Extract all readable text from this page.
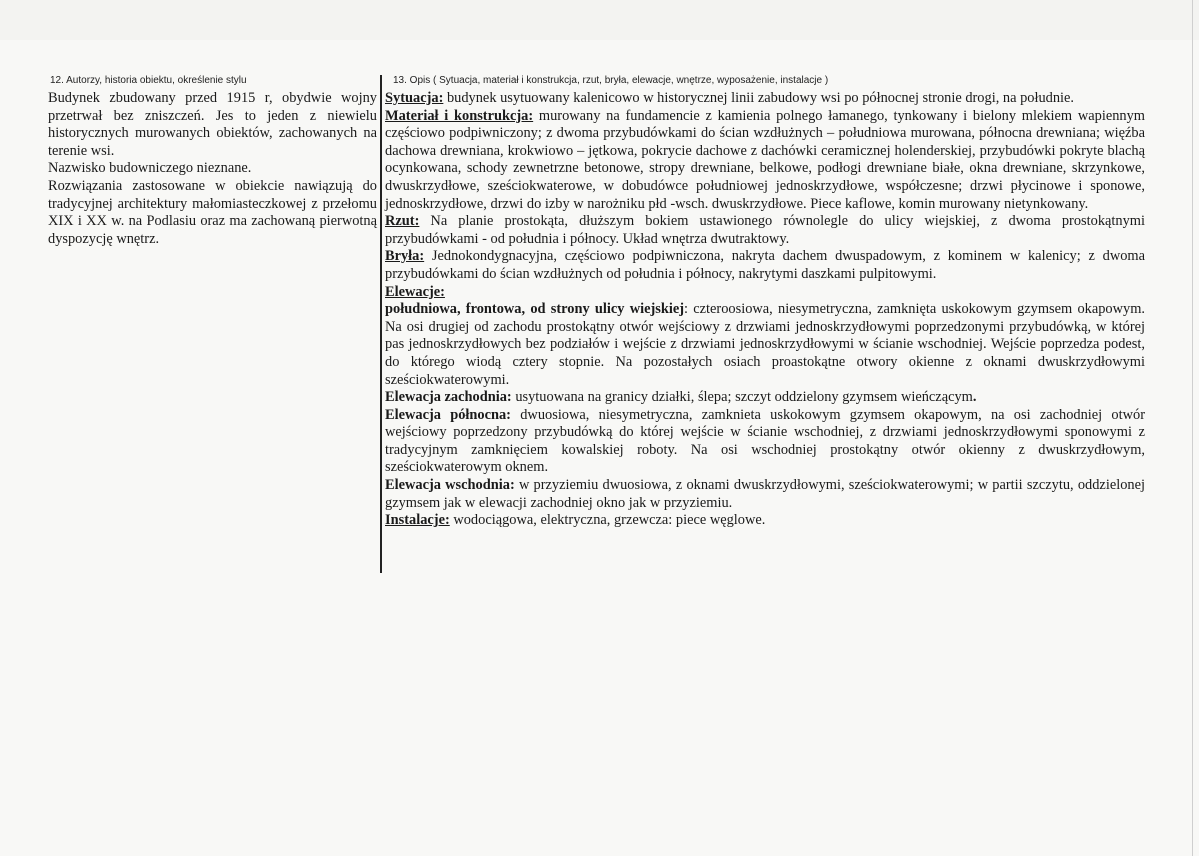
12. Autorzy, historia obiektu, określenie stylu

Budynek zbudowany przed 1915 r, obydwie wojny przetrwał bez zniszczeń. Jes to jeden z niewielu historycznych murowanych obiektów, zachowanych na terenie wsi.

Nazwisko budowniczego nieznane.

Rozwiązania zastosowane w obiekcie nawiązują do tradycyjnej architektury małomiasteczkowej z przełomu XIX i XX w. na Podlasiu oraz ma zachowaną pierwotną dyspozycję wnętrz.

13. Opis ( Sytuacja, materiał i konstrukcja, rzut, bryła, elewacje, wnętrze, wyposażenie, instalacje )

Sytuacja: budynek usytuowany kalenicowo w historycznej linii zabudowy wsi po północnej stronie drogi, na południe.

Materiał i konstrukcja: murowany na fundamencie z kamienia polnego łamanego, tynkowany i bielony mlekiem wapiennym częściowo podpiwniczony; z dwoma przybudówkami do ścian wzdłużnych – południowa murowana, północna drewniana; więźba dachowa drewniana, krokwiowo – jętkowa, pokrycie dachowe z dachówki ceramicznej holenderskiej, przybudówki pokryte blachą ocynkowana, schody zewnetrzne betonowe, stropy drewniane, belkowe, podłogi drewniane białe, okna drewniane, skrzynkowe, dwuskrzydłowe, sześciokwaterowe, w dobudówce południowej jednoskrzydłowe, współczesne; drzwi płycinowe i sponowe, jednoskrzydłowe, drzwi do izby w narożniku płd -wsch. dwuskrzydłowe. Piece kaflowe, komin murowany nietynkowany.

Rzut: Na planie prostokąta, dłuższym bokiem ustawionego równolegle do ulicy wiejskiej, z dwoma prostokątnymi przybudówkami - od południa i północy. Układ wnętrza dwutraktowy.

Bryła: Jednokondygnacyjna, częściowo podpiwniczona, nakryta dachem dwuspadowym, z kominem w kalenicy; z dwoma przybudówkami do ścian wzdłużnych od południa i północy, nakrytymi daszkami pulpitowymi.

Elewacje:

południowa, frontowa, od strony ulicy wiejskiej: czteroosiowa, niesymetryczna, zamknięta uskokowym gzymsem okapowym. Na osi drugiej od zachodu prostokątny otwór wejściowy z drzwiami jednoskrzydłowymi poprzedzonymi przybudówką, w której pas jednoskrzydłowych bez podziałów i wejście z drzwiami jednoskrzydłowymi w ścianie wschodniej. Wejście poprzedza podest, do którego wiodą cztery stopnie. Na pozostałych osiach proastokątne otwory okienne z oknami dwuskrzydłowymi sześciokwaterowymi.

Elewacja zachodnia: usytuowana na granicy działki, ślepa; szczyt oddzielony gzymsem wieńczącym.

Elewacja północna: dwuosiowa, niesymetryczna, zamknieta uskokowym gzymsem okapowym, na osi zachodniej otwór wejściowy poprzedzony przybudówką do której wejście w ścianie wschodniej, z drzwiami jednoskrzydłowymi sponowymi z tradycyjnym zamknięciem kowalskiej roboty. Na osi wschodniej prostokątny otwór okienny z dwuskrzydłowym, sześciokwaterowym oknem.

Elewacja wschodnia: w przyziemiu dwuosiowa, z oknami dwuskrzydłowymi, sześciokwaterowymi; w partii szczytu, oddzielonej gzymsem jak w elewacji zachodniej okno jak w przyziemiu.

Instalacje: wodociągowa, elektryczna, grzewcza: piece węglowe.
